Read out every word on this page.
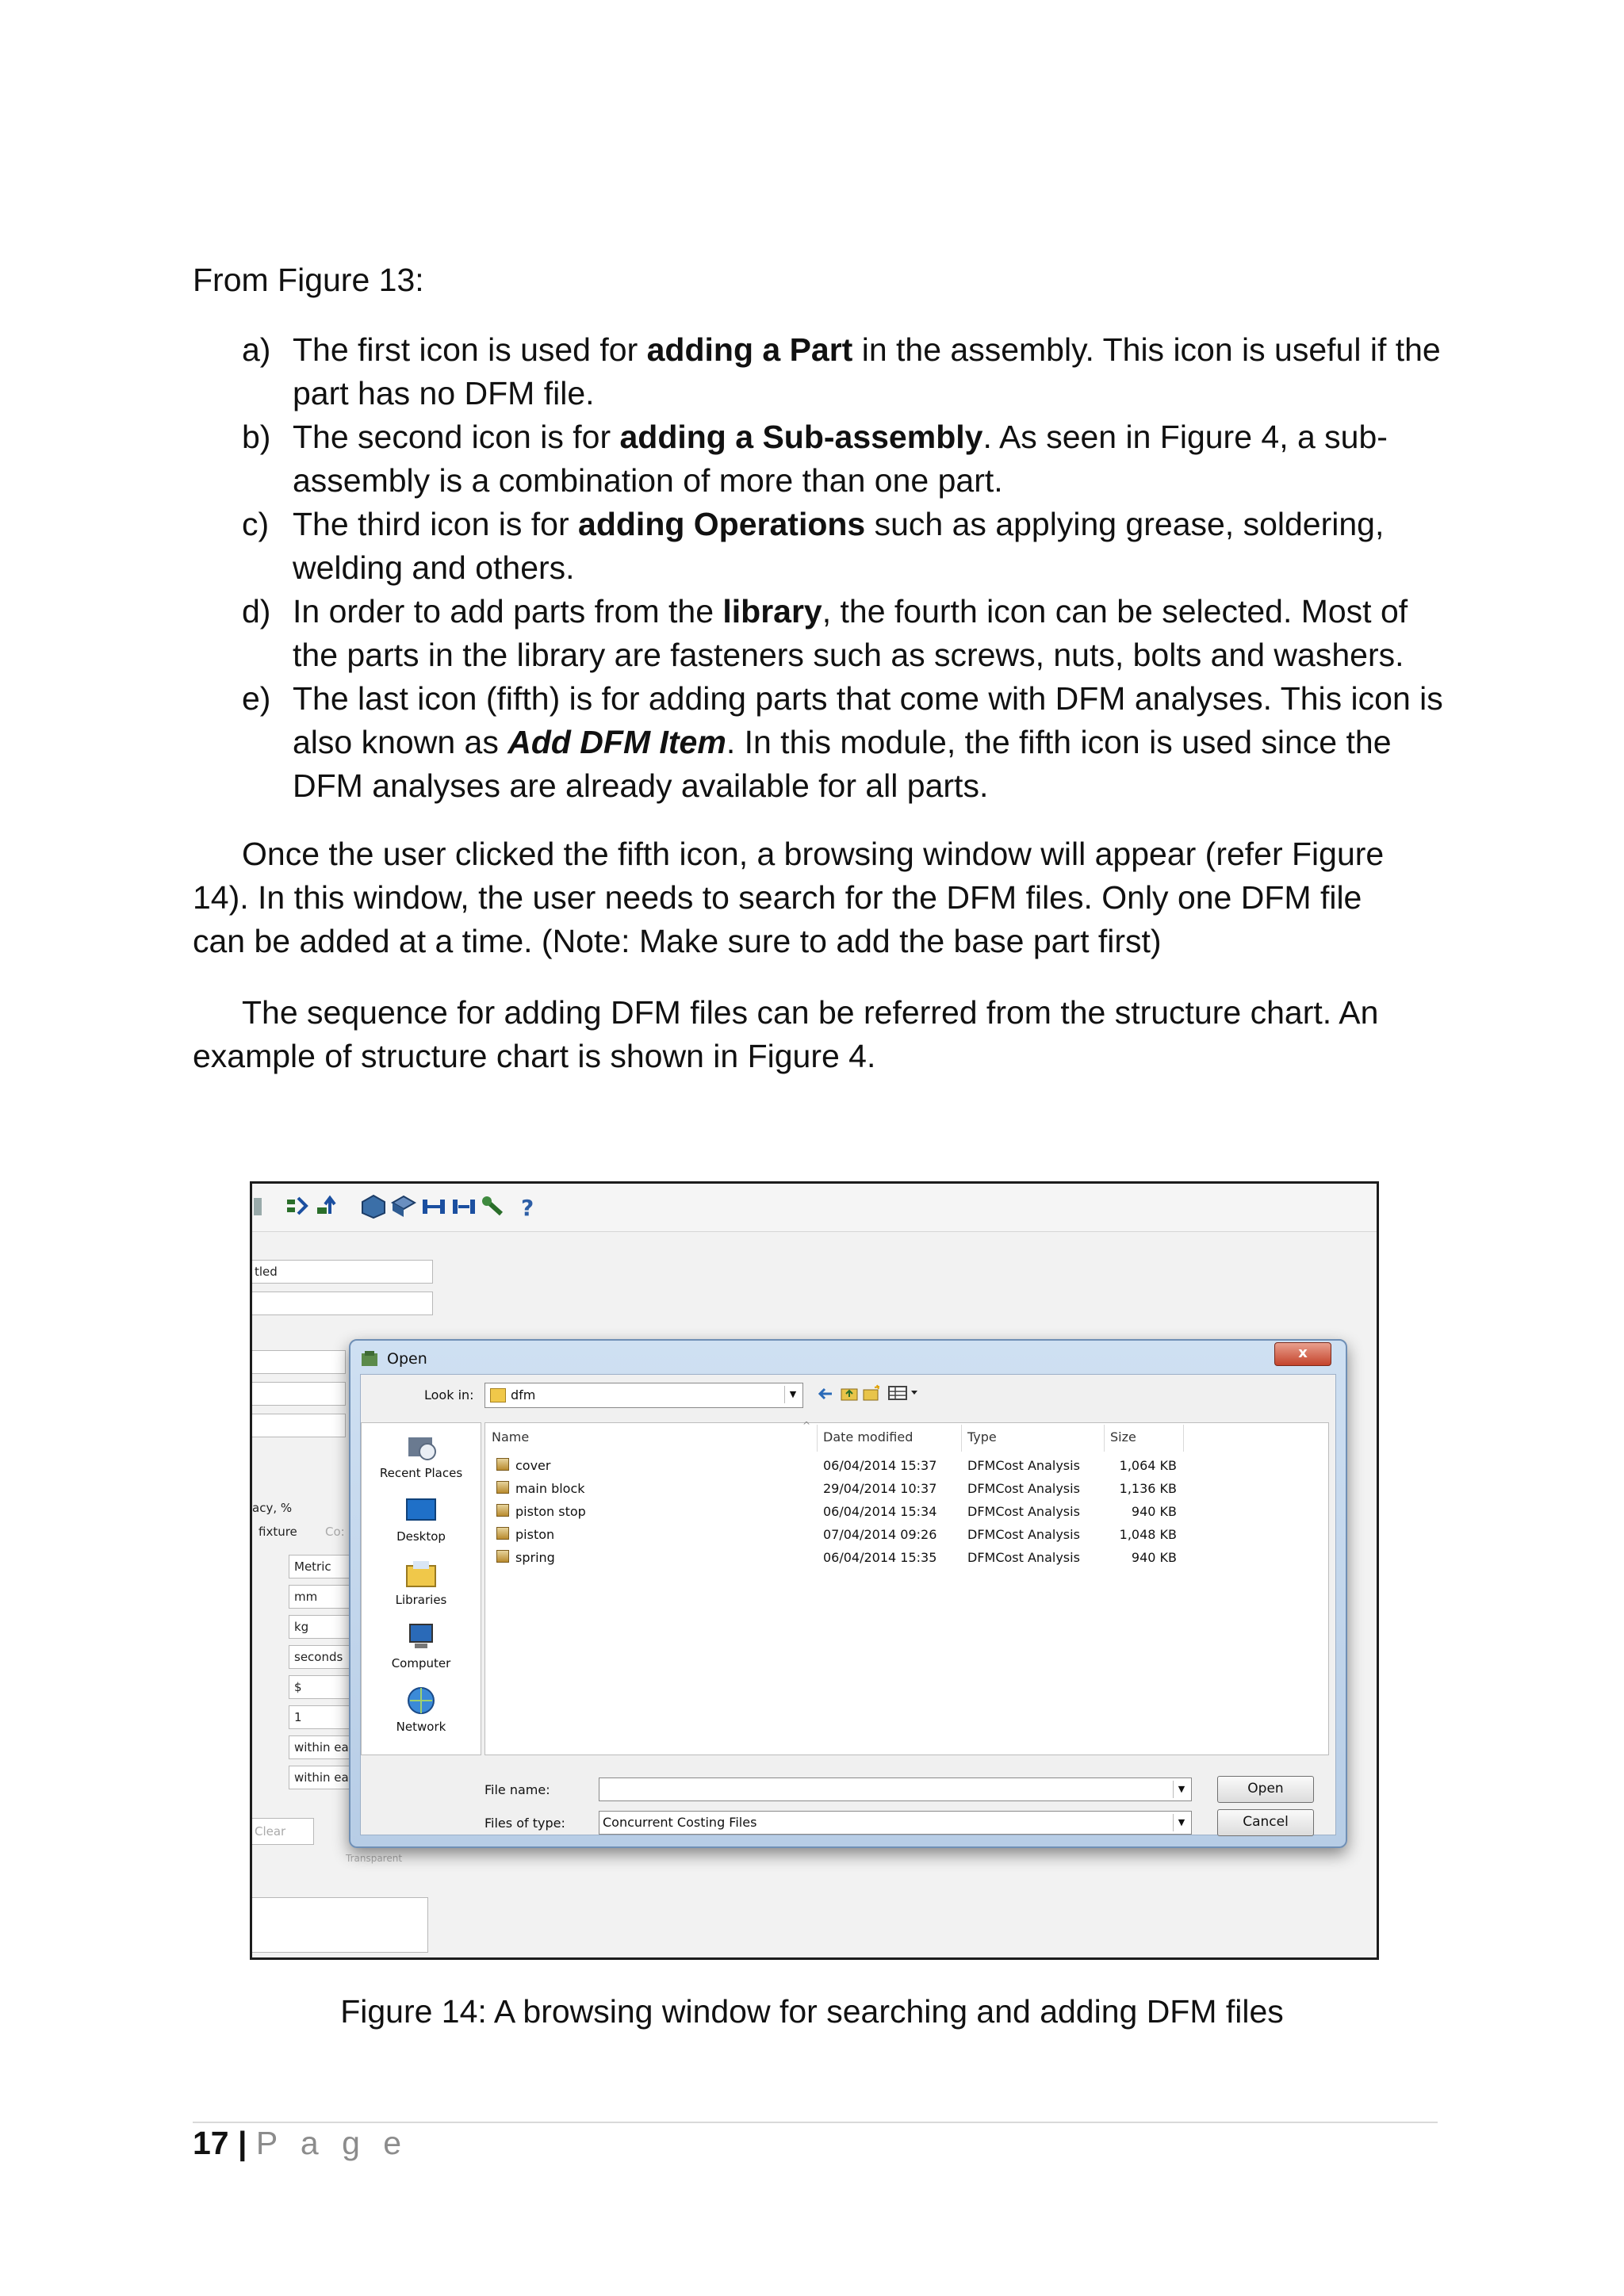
From Figure 13:
a) The first icon is used for adding a Part in the assembly. This icon is useful if the part has no DFM file.
b) The second icon is for adding a Sub-assembly. As seen in Figure 4, a sub-assembly is a combination of more than one part.
c) The third icon is for adding Operations such as applying grease, soldering, welding and others.
d) In order to add parts from the library, the fourth icon can be selected. Most of the parts in the library are fasteners such as screws, nuts, bolts and washers.
e) The last icon (fifth) is for adding parts that come with DFM analyses. This icon is also known as Add DFM Item. In this module, the fifth icon is used since the DFM analyses are already available for all parts.
Once the user clicked the fifth icon, a browsing window will appear (refer Figure 14). In this window, the user needs to search for the DFM files. Only one DFM file can be added at a time. (Note: Make sure to add the base part first)
The sequence for adding DFM files can be referred from the structure chart. An example of structure chart is shown in Figure 4.
?
tled
acy, %
fixture Co:
Metric
mm
kg
seconds
$
1
within ea
within ea
Clear
Transparent
Open	x
Look in:	dfm	▼
Recent Places
Desktop
Libraries
Computer
Network
Name
^
Date modified	Type	Size
cover	06/04/2014 15:37 DFMCost Analysis	1,064 KB
main block	29/04/2014 10:37 DFMCost Analysis	1,136 KB
piston stop	06/04/2014 15:34 DFMCost Analysis	940 KB
piston	07/04/2014 09:26 DFMCost Analysis	1,048 KB
spring	06/04/2014 15:35 DFMCost Analysis	940 KB
File name:	▼
Files of type:	Concurrent Costing Files	▼
Open
Cancel
Figure 14: A browsing window for searching and adding DFM files
17 | P a g e
